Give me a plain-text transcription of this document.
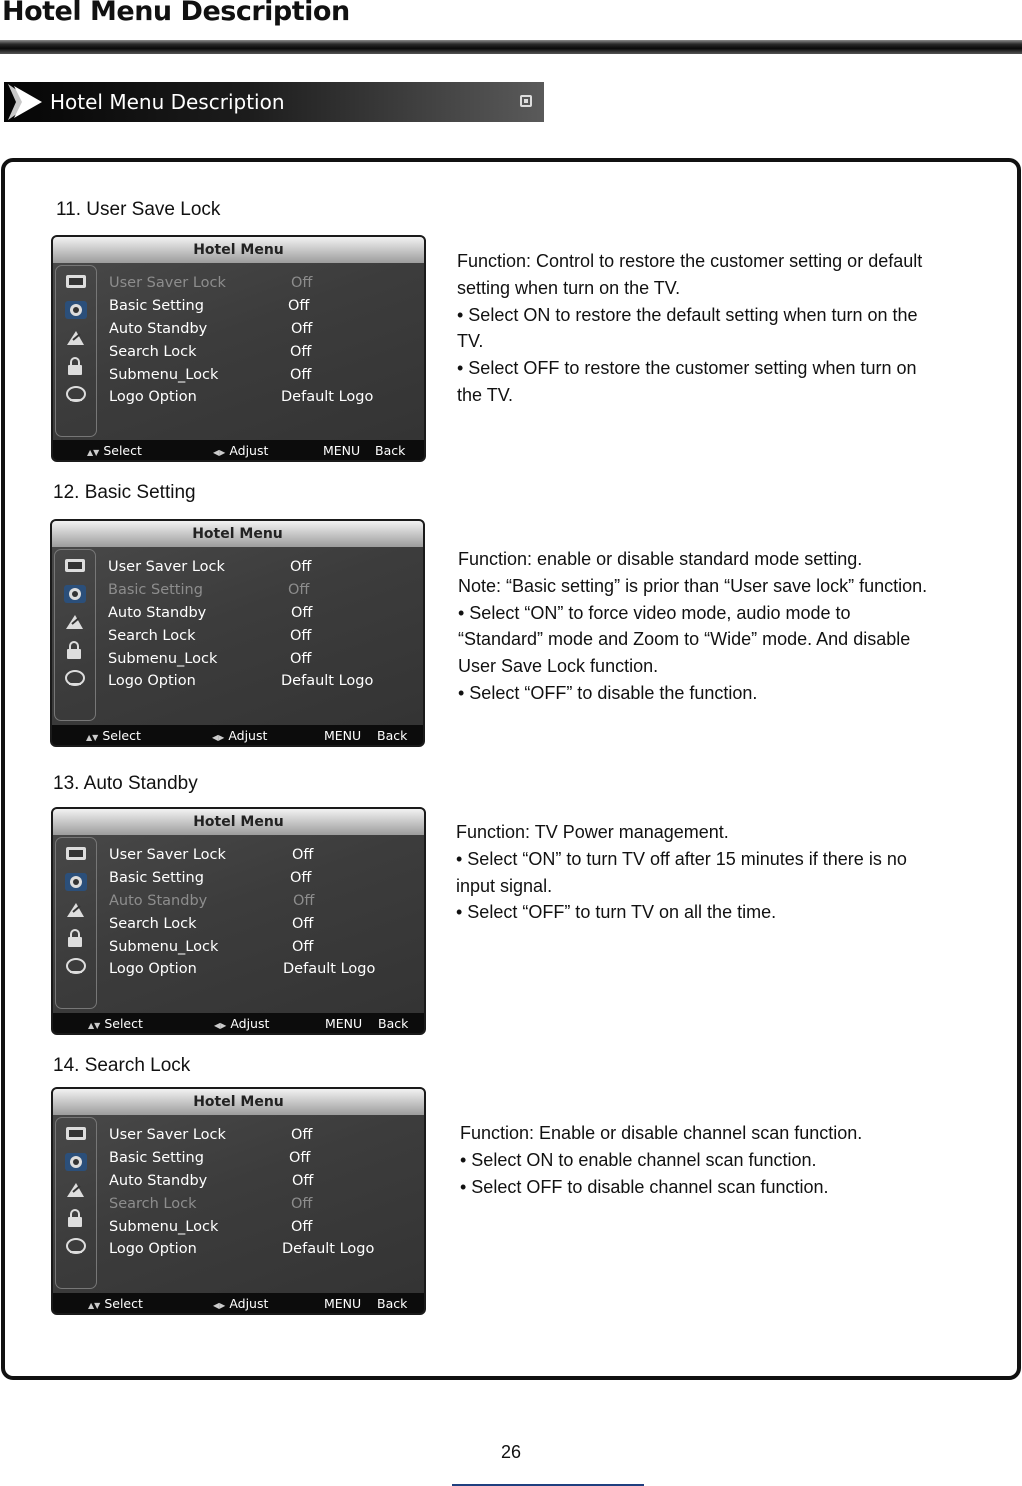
Hotel Menu Description
Hotel Menu Description
11. User Save Lock
Hotel Menu
User Saver Lock	Off
Basic Setting	Off
Auto Standby	Off
Search Lock	Off
Submenu_Lock	Off
Logo Option	Default Logo
▲▼ Select	◀▶ Adjust	MENU Back

Function: Control to restore the customer setting or default

setting when turn on the TV.

• Select ON to restore the default setting when turn on the

TV.

• Select OFF to restore the customer setting when turn on

the TV.

12. Basic Setting
Hotel Menu
User Saver Lock	Off
Basic Setting	Off
Auto Standby	Off
Search Lock	Off
Submenu_Lock	Off
Logo Option	Default Logo
▲▼ Select	◀▶ Adjust	MENU Back

Function: enable or disable standard mode setting.

Note: “Basic setting” is prior than “User save lock” function.

• Select “ON” to force video mode, audio mode to

“Standard” mode and Zoom to “Wide” mode. And disable

User Save Lock function.

• Select “OFF” to disable the function.

13. Auto Standby
Hotel Menu
User Saver Lock	Off
Basic Setting	Off
Auto Standby	Off
Search Lock	Off
Submenu_Lock	Off
Logo Option	Default Logo
▲▼ Select	◀▶ Adjust	MENU Back

Function: TV Power management.

• Select “ON” to turn TV off after 15 minutes if there is no

input signal.

• Select “OFF” to turn TV on all the time.

14. Search Lock
Hotel Menu
User Saver Lock	Off
Basic Setting	Off
Auto Standby	Off
Search Lock	Off
Submenu_Lock	Off
Logo Option	Default Logo
▲▼ Select	◀▶ Adjust	MENU Back

Function: Enable or disable channel scan function.

• Select ON to enable channel scan function.

• Select OFF to disable channel scan function.

26
